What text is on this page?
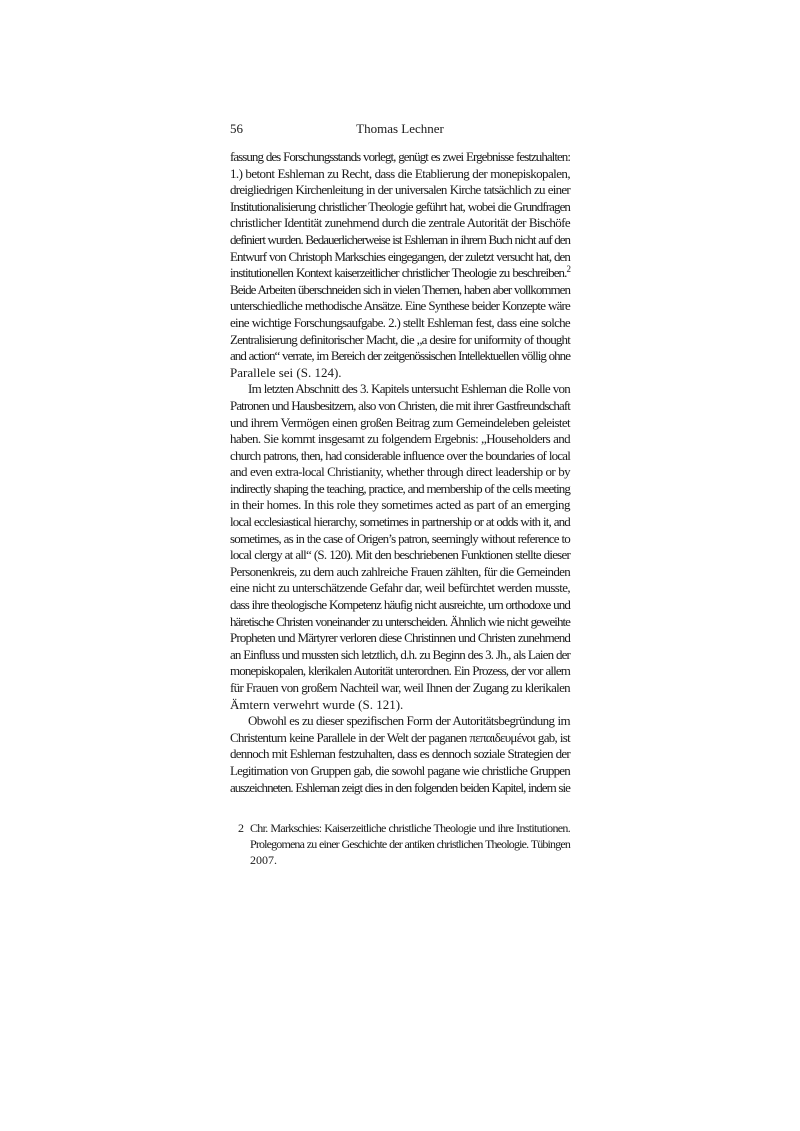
56	Thomas Lechner
fassung des Forschungsstands vorlegt, genügt es zwei Ergebnisse festzuhalten:
1.) betont Eshleman zu Recht, dass die Etablierung der monepiskopalen,
dreigliedrigen Kirchenleitung in der universalen Kirche tatsächlich zu einer
Institutionalisierung christlicher Theologie geführt hat, wobei die Grundfragen
christlicher Identität zunehmend durch die zentrale Autorität der Bischöfe
definiert wurden. Bedauerlicherweise ist Eshleman in ihrem Buch nicht auf den
Entwurf von Christoph Markschies eingegangen, der zuletzt versucht hat, den
institutionellen Kontext kaiserzeitlicher christlicher Theologie zu beschreiben.$^2$
Beide Arbeiten überschneiden sich in vielen Themen, haben aber vollkommen
unterschiedliche methodische Ansätze. Eine Synthese beider Konzepte wäre
eine wichtige Forschungsaufgabe. 2.) stellt Eshleman fest, dass eine solche
Zentralisierung definitorischer Macht, die „a desire for uniformity of thought
and action“ verrate, im Bereich der zeitgenössischen Intellektuellen völlig ohne
Parallele sei (S. 124).
Im letzten Abschnitt des 3. Kapitels untersucht Eshleman die Rolle von
Patronen und Hausbesitzern, also von Christen, die mit ihrer Gastfreundschaft
und ihrem Vermögen einen großen Beitrag zum Gemeindeleben geleistet
haben. Sie kommt insgesamt zu folgendem Ergebnis: „Householders and
church patrons, then, had considerable influence over the boundaries of local
and even extra-local Christianity, whether through direct leadership or by
indirectly shaping the teaching, practice, and membership of the cells meeting
in their homes. In this role they sometimes acted as part of an emerging
local ecclesiastical hierarchy, sometimes in partnership or at odds with it, and
sometimes, as in the case of Origen’s patron, seemingly without reference to
local clergy at all“ (S. 120). Mit den beschriebenen Funktionen stellte dieser
Personenkreis, zu dem auch zahlreiche Frauen zählten, für die Gemeinden
eine nicht zu unterschätzende Gefahr dar, weil befürchtet werden musste,
dass ihre theologische Kompetenz häufig nicht ausreichte, um orthodoxe und
häretische Christen voneinander zu unterscheiden. Ähnlich wie nicht geweihte
Propheten und Märtyrer verloren diese Christinnen und Christen zunehmend
an Einfluss und mussten sich letztlich, d.h. zu Beginn des 3. Jh., als Laien der
monepiskopalen, klerikalen Autorität unterordnen. Ein Prozess, der vor allem
für Frauen von großem Nachteil war, weil Ihnen der Zugang zu klerikalen
Ämtern verwehrt wurde (S. 121).
Obwohl es zu dieser spezifischen Form der Autoritätsbegründung im
Christentum keine Parallele in der Welt der paganen πεπαιδευμένοι gab, ist
dennoch mit Eshleman festzuhalten, dass es dennoch soziale Strategien der
Legitimation von Gruppen gab, die sowohl pagane wie christliche Gruppen
auszeichneten. Eshleman zeigt dies in den folgenden beiden Kapitel, indem sie
2 Chr. Markschies: Kaiserzeitliche christliche Theologie und ihre Institutionen.
Prolegomena zu einer Geschichte der antiken christlichen Theologie. Tübingen
2007.
